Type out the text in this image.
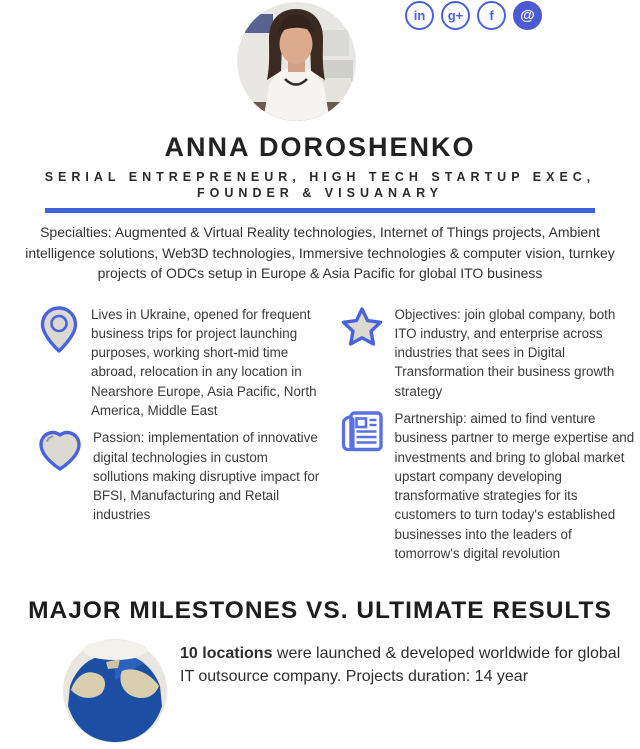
in	g+	f	@
ANNA DOROSHENKO
SERIAL ENTREPRENEUR, HIGH TECH STARTUP EXEC, FOUNDER & VISUANARY

Specialties: Augmented & Virtual Reality technologies, Internet of Things projects, Ambient intelligence solutions, Web3D technologies, Immersive technologies & computer vision, turnkey projects of ODCs setup in Europe & Asia Pacific for global ITO business

Lives in Ukraine, opened for frequent business trips for project launching purposes, working short-mid time abroad, relocation in any location in Nearshore Europe, Asia Pacific, North America, Middle East
Passion: implementation of innovative digital technologies in custom sollutions making disruptive impact for BFSI, Manufacturing and Retail industries
Objectives: join global company, both ITO industry, and enterprise across industries that sees in Digital Transformation their business growth strategy
Partnership: aimed to find venture business partner to merge expertise and investments and bring to global market upstart company developing transformative strategies for its customers to turn today's established businesses into the leaders of tomorrow's digital revolution
MAJOR MILESTONES VS. ULTIMATE RESULTS

10 locations were launched & developed worldwide for global IT outsource company. Projects duration: 14 year
